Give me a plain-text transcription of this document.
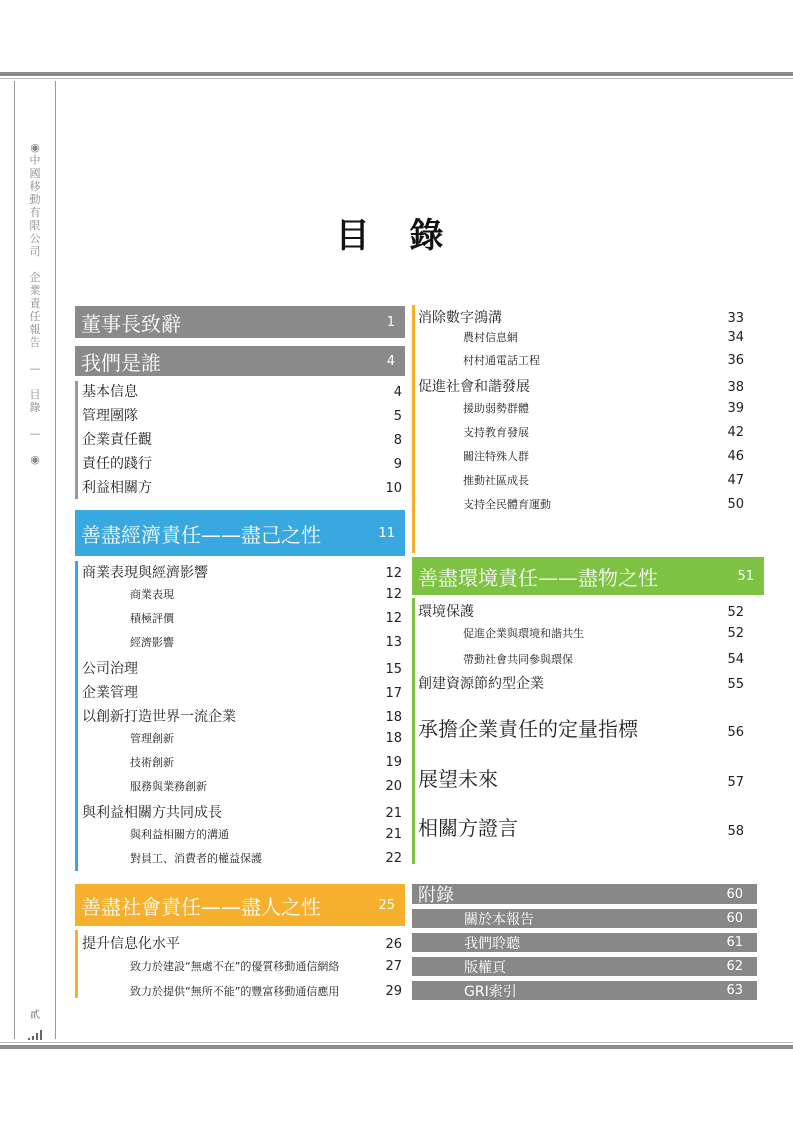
◉
中
國
移
動
有
限
公
司

企
業
責
任
報
告

—

目
錄

—

◉
貳
目 錄
董事長致辭	1
我們是誰	4
基本信息	4
管理團隊	5
企業責任觀	8
責任的踐行	9
利益相關方	10
善盡經濟責任——盡己之性	11
商業表現與經濟影響	12
商業表現	12
積極評價	12
經濟影響	13
公司治理	15
企業管理	17
以創新打造世界一流企業	18
管理創新	18
技術創新	19
服務與業務創新	20
與利益相關方共同成長	21
與利益相關方的溝通	21
對員工、消費者的權益保護	22
善盡社會責任——盡人之性	25
提升信息化水平	26
致力於建設“無處不在”的優質移動通信網絡	27
致力於提供“無所不能”的豐富移動通信應用	29
消除數字鴻溝	33
農村信息網	34
村村通電話工程	36
促進社會和諧發展	38
援助弱勢群體	39
支持教育發展	42
關注特殊人群	46
推動社區成長	47
支持全民體育運動	50
善盡環境責任——盡物之性	51
環境保護	52
促進企業與環境和諧共生	52
帶動社會共同參與環保	54
創建資源節約型企業	55
承擔企業責任的定量指標	56
展望未來	57
相關方證言	58
附錄	60
關於本報告	60
我們聆聽	61
版權頁	62
GRI索引	63
